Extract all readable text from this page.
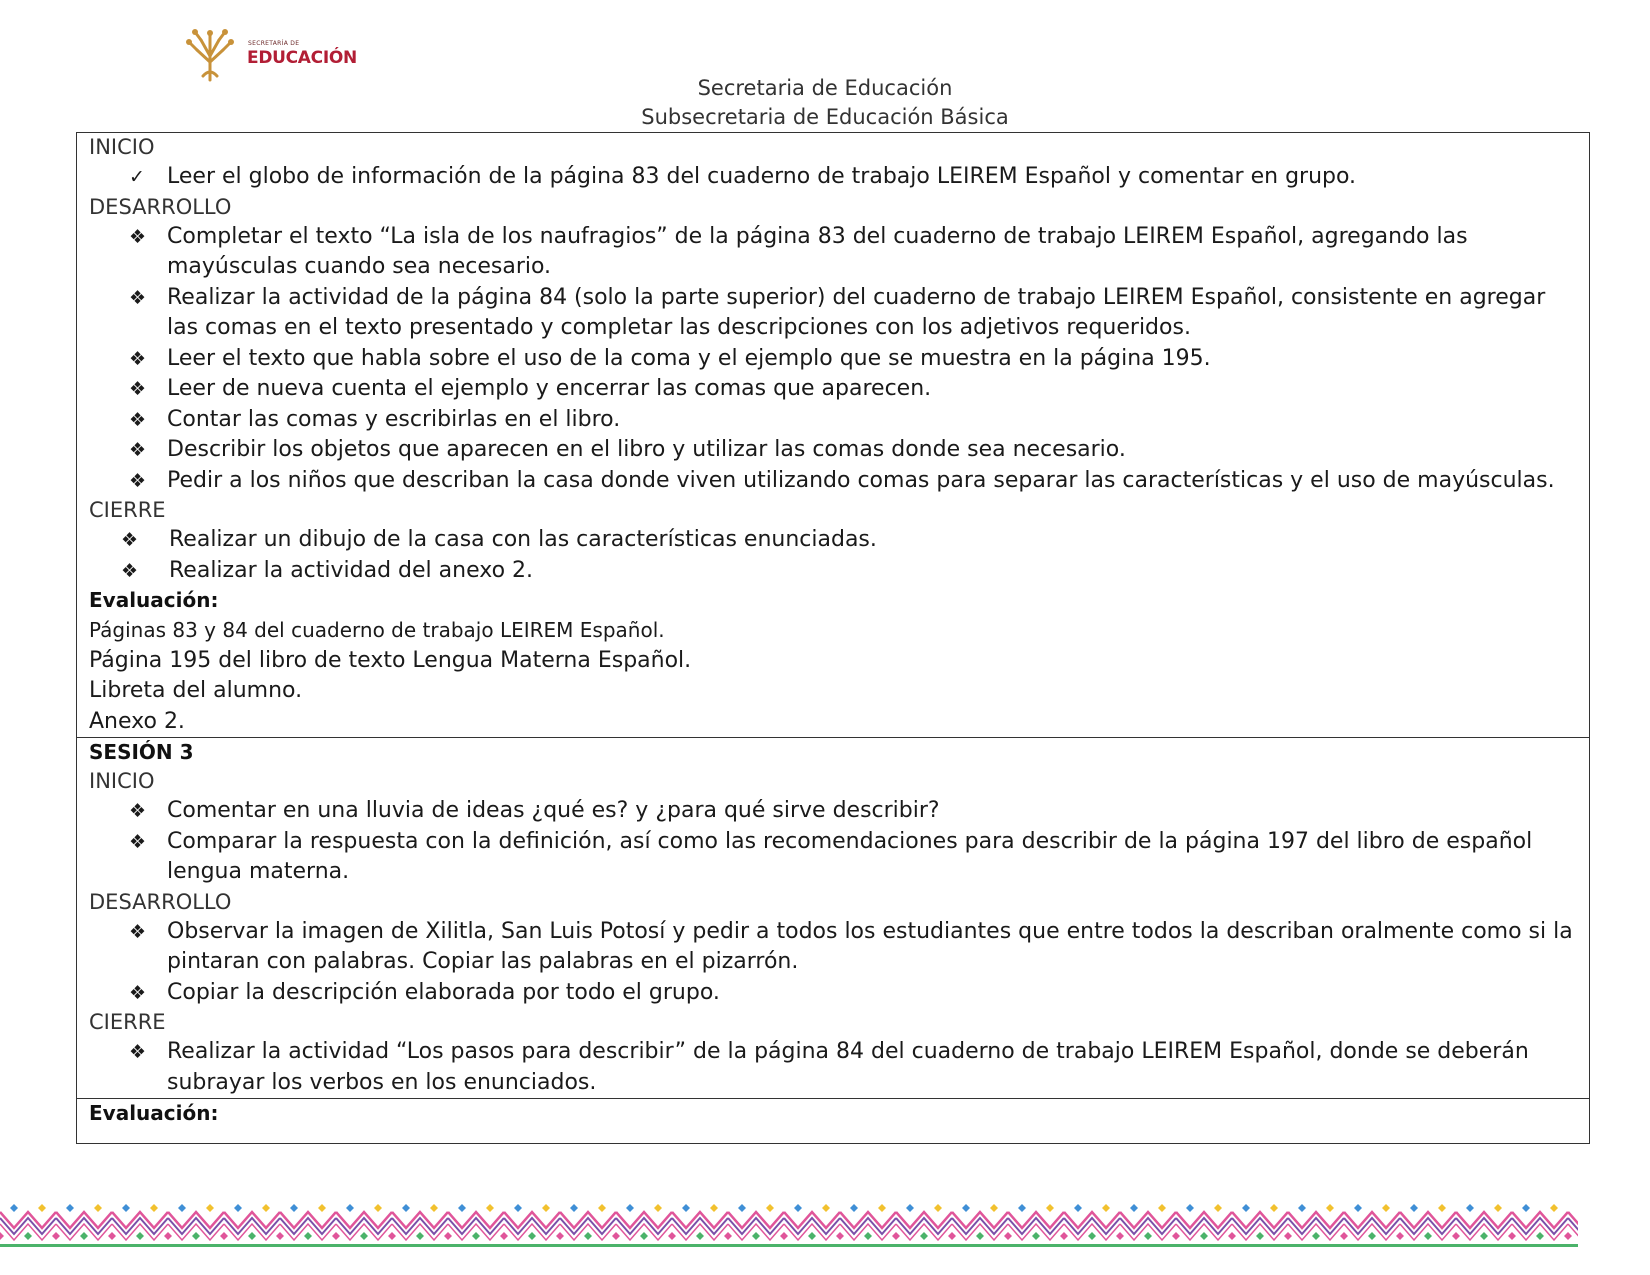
SECRETARÍA DE
EDUCACIÓN
Secretaria de Educación
Subsecretaria de Educación Básica
INICIO
✓ Leer el globo de información de la página 83 del cuaderno de trabajo LEIREM Español y comentar en grupo.
DESARROLLO
❖ Completar el texto “La isla de los naufragios” de la página 83 del cuaderno de trabajo LEIREM Español, agregando las mayúsculas cuando sea necesario.
❖ Realizar la actividad de la página 84 (solo la parte superior) del cuaderno de trabajo LEIREM Español, consistente en agregar las comas en el texto presentado y completar las descripciones con los adjetivos requeridos.
❖ Leer el texto que habla sobre el uso de la coma y el ejemplo que se muestra en la página 195.
❖ Leer de nueva cuenta el ejemplo y encerrar las comas que aparecen.
❖ Contar las comas y escribirlas en el libro.
❖ Describir los objetos que aparecen en el libro y utilizar las comas donde sea necesario.
❖ Pedir a los niños que describan la casa donde viven utilizando comas para separar las características y el uso de mayúsculas.
CIERRE
❖ Realizar un dibujo de la casa con las características enunciadas.
❖ Realizar la actividad del anexo 2.
Evaluación:
Páginas 83 y 84 del cuaderno de trabajo LEIREM Español.
Página 195 del libro de texto Lengua Materna Español.
Libreta del alumno.
Anexo 2.
SESIÓN 3
INICIO
❖ Comentar en una lluvia de ideas ¿qué es? y ¿para qué sirve describir?
❖ Comparar la respuesta con la definición, así como las recomendaciones para describir de la página 197 del libro de español lengua materna.
DESARROLLO
❖ Observar la imagen de Xilitla, San Luis Potosí y pedir a todos los estudiantes que entre todos la describan oralmente como si la pintaran con palabras. Copiar las palabras en el pizarrón.
❖ Copiar la descripción elaborada por todo el grupo.
CIERRE
❖ Realizar la actividad “Los pasos para describir” de la página 84 del cuaderno de trabajo LEIREM Español, donde se deberán subrayar los verbos en los enunciados.
Evaluación:
